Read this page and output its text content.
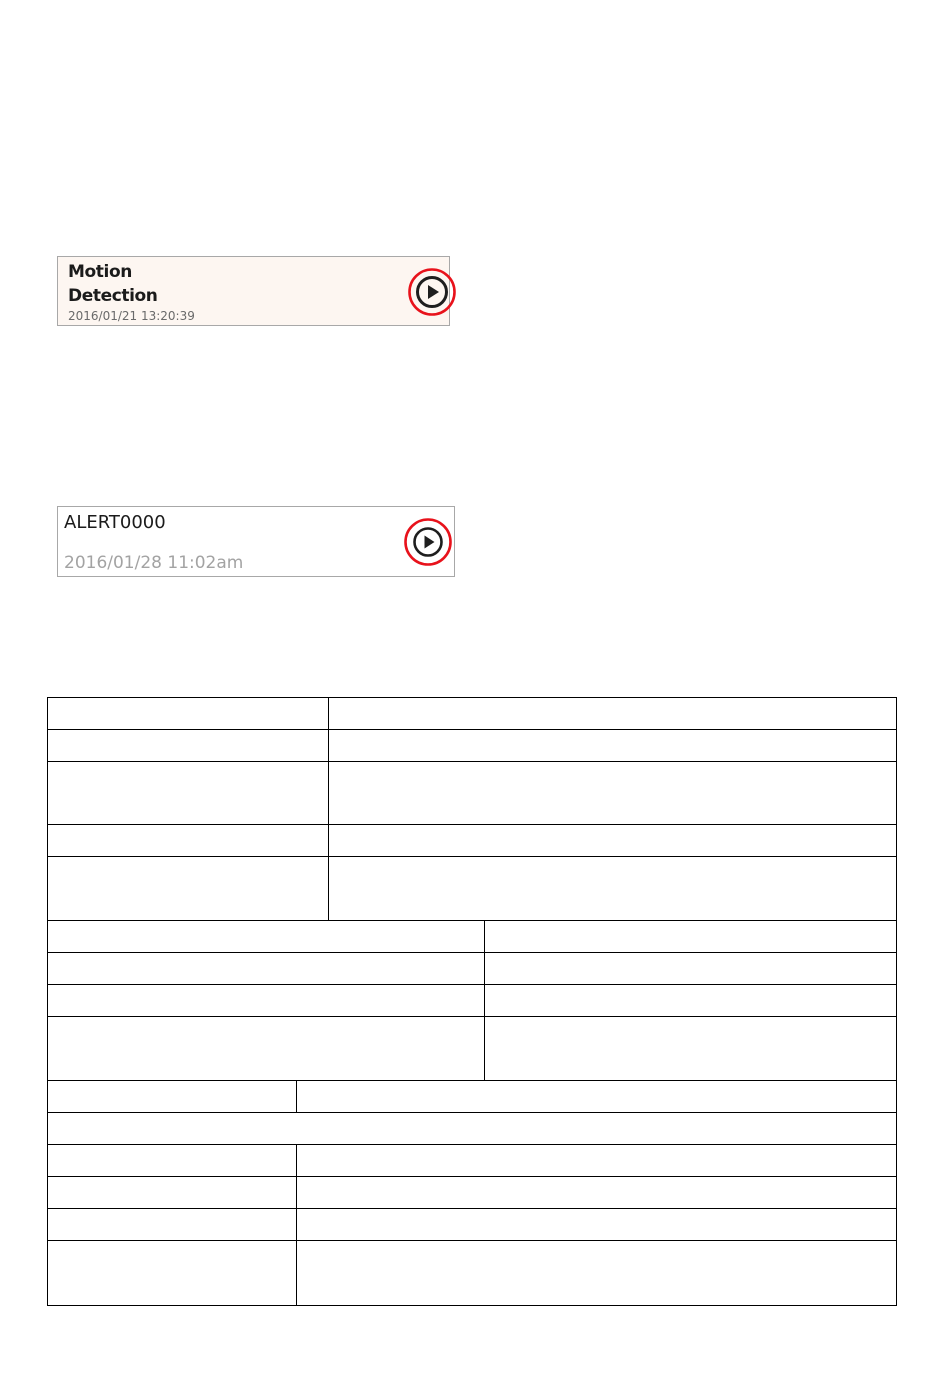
Motion
Detection
2016/01/21 13:20:39
ALERT0000
2016/01/28 11:02am
